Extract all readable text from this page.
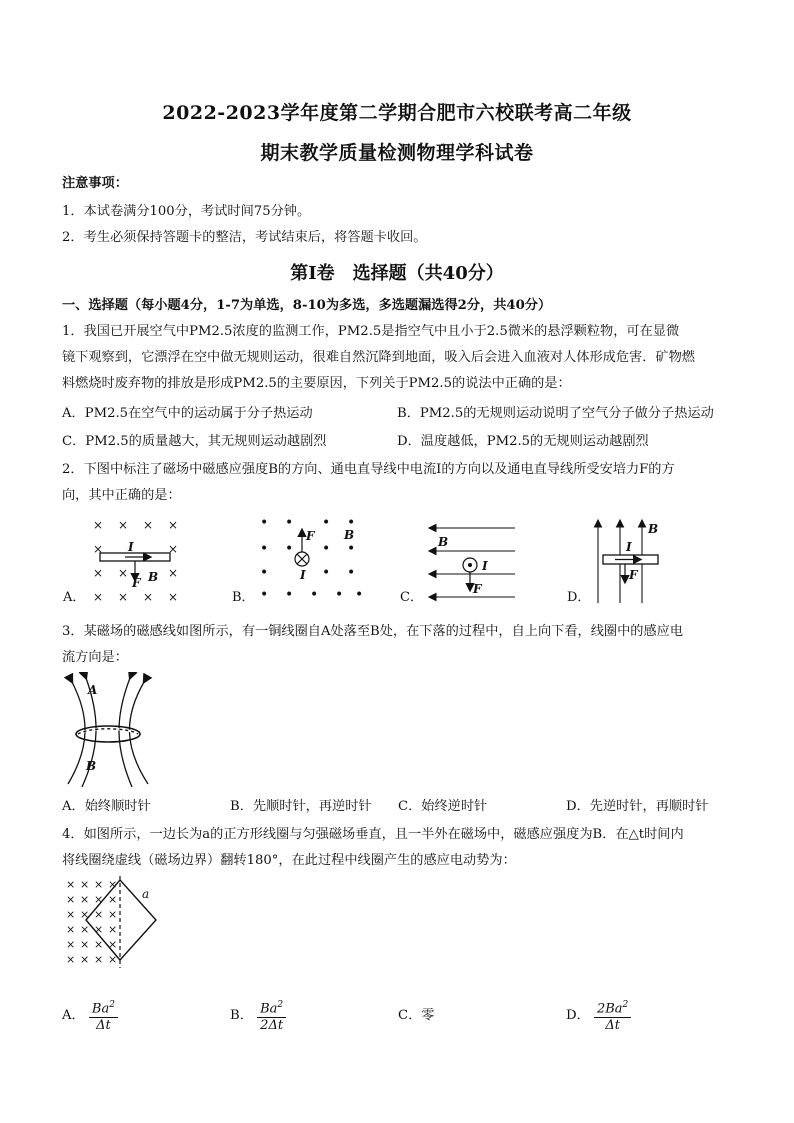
2022-2023学年度第二学期合肥市六校联考高二年级
期末教学质量检测物理学科试卷
注意事项：
1．本试卷满分100分，考试时间75分钟。
2．考生必须保持答题卡的整洁，考试结束后，将答题卡收回。
第Ⅰ卷　选择题（共40分）
一、选择题（每小题4分，1-7为单选，8-10为多选，多选题漏选得2分，共40分）
1．我国已开展空气中PM2.5浓度的监测工作，PM2.5是指空气中且小于2.5微米的悬浮颗粒物，可在显微
镜下观察到，它漂浮在空中做无规则运动，很难自然沉降到地面，吸入后会进入血液对人体形成危害．矿物燃
料燃烧时废弃物的排放是形成PM2.5的主要原因，下列关于PM2.5的说法中正确的是：
A．PM2.5在空气中的运动属于分子热运动	B．PM2.5的无规则运动说明了空气分子做分子热运动
C．PM2.5的质量越大，其无规则运动越剧烈	D．温度越低，PM2.5的无规则运动越剧烈
2．下图中标注了磁场中磁感应强度B的方向、通电直导线中电流Ⅰ的方向以及通电直导线所受安培力F的方
向，其中正确的是：
× × × ×
×	×
× ×	×
× × × ×
I
F B
A．
• • • •
• • • •
•	• •
• • • • •
F
I
B
B．
F
I
B
C．
I
F
B
D．
3．某磁场的磁感线如图所示，有一铜线圈自A处落至B处，在下落的过程中，自上向下看，线圈中的感应电
流方向是：
A
B
A．始终顺时针	B．先顺时针，再逆时针 C．始终逆时针	D．先逆时针，再顺时针
4．如图所示，一边长为a的正方形线圈与匀强磁场垂直，且一半外在磁场中，磁感应强度为B．在△t时间内
将线圈绕虚线（磁场边界）翻转180°，在此过程中线圈产生的感应电动势为：
× × × ×
× × × ×
× × × ×
× × × ×
× × × ×
× × × ×
a
A． $\frac{Ba^2}{\Delta t}$	B． $\frac{Ba^2}{2\Delta t}$	C．零	D． $\frac{2Ba^2}{\Delta t}$
